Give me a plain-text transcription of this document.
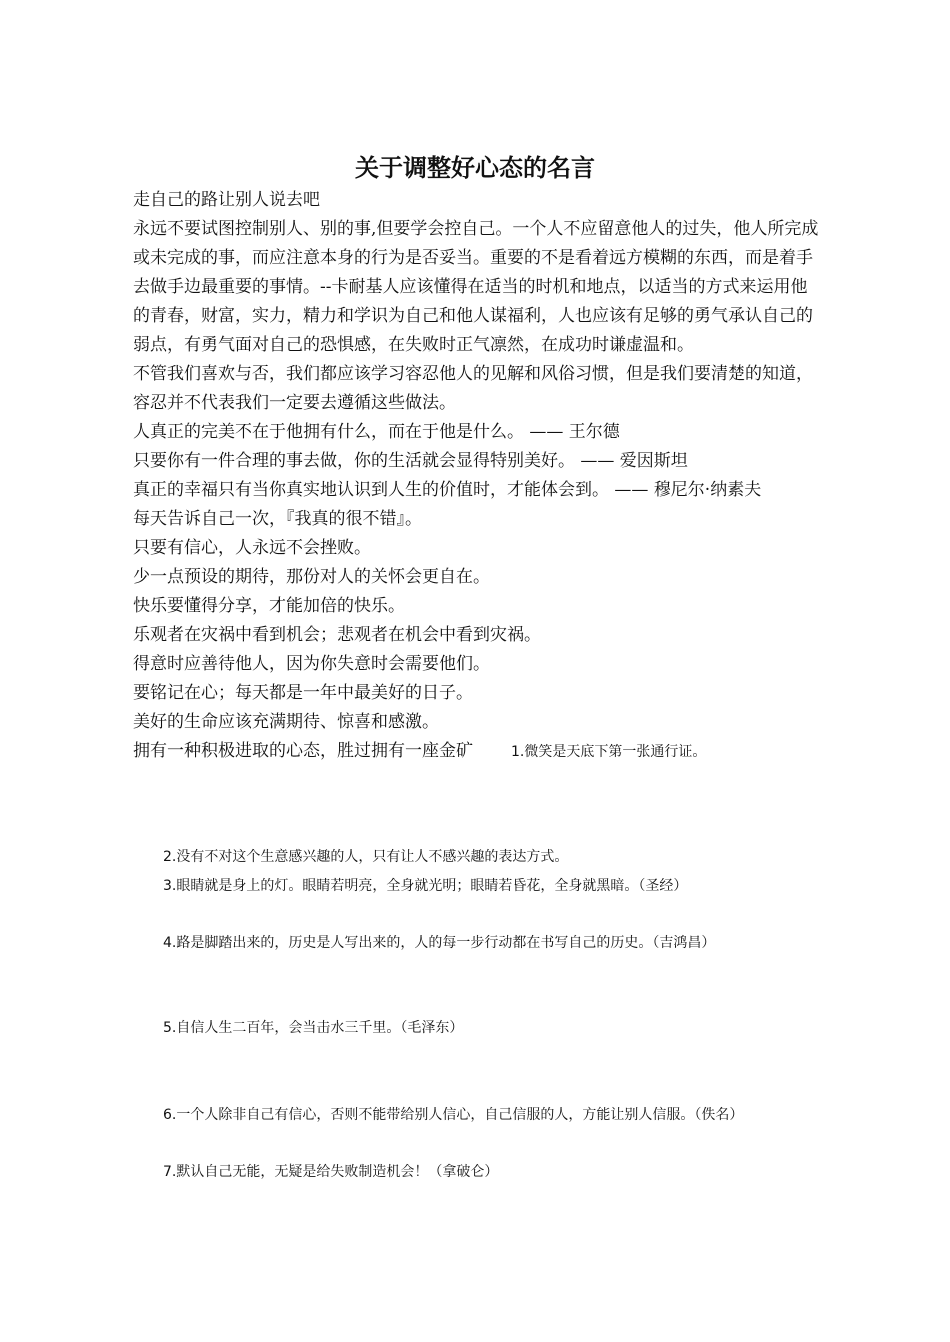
关于调整好心态的名言

走自己的路让别人说去吧

永远不要试图控制别人、别的事,但要学会控自己。一个人不应留意他人的过失，他人所完成或未完成的事，而应注意本身的行为是否妥当。重要的不是看着远方模糊的东西，而是着手去做手边最重要的事情。--卡耐基人应该懂得在适当的时机和地点，以适当的方式来运用他的青春，财富，实力，精力和学识为自己和他人谋福利，人也应该有足够的勇气承认自己的弱点，有勇气面对自己的恐惧感，在失败时正气凛然，在成功时谦虚温和。

不管我们喜欢与否，我们都应该学习容忍他人的见解和风俗习惯，但是我们要清楚的知道，容忍并不代表我们一定要去遵循这些做法。

人真正的完美不在于他拥有什么，而在于他是什么。 —— 王尔德

只要你有一件合理的事去做，你的生活就会显得特别美好。 —— 爱因斯坦

真正的幸福只有当你真实地认识到人生的价值时，才能体会到。 —— 穆尼尔·纳素夫

每天告诉自己一次，『我真的很不错』。

只要有信心，人永远不会挫败。

少一点预设的期待，那份对人的关怀会更自在。

快乐要懂得分享，才能加倍的快乐。

乐观者在灾祸中看到机会；悲观者在机会中看到灾祸。

得意时应善待他人，因为你失意时会需要他们。

要铭记在心；每天都是一年中最美好的日子。

美好的生命应该充满期待、惊喜和感激。

拥有一种积极进取的心态，胜过拥有一座金矿	1.微笑是天底下第一张通行证。

2.没有不对这个生意感兴趣的人，只有让人不感兴趣的表达方式。
3.眼睛就是身上的灯。眼睛若明亮，全身就光明；眼睛若昏花，全身就黑暗。（圣经）
4.路是脚踏出来的，历史是人写出来的，人的每一步行动都在书写自己的历史。（吉鸿昌）
5.自信人生二百年，会当击水三千里。（毛泽东）
6.一个人除非自己有信心，否则不能带给别人信心，自己信服的人，方能让别人信服。（佚名）
7.默认自己无能，无疑是给失败制造机会！（拿破仑）
